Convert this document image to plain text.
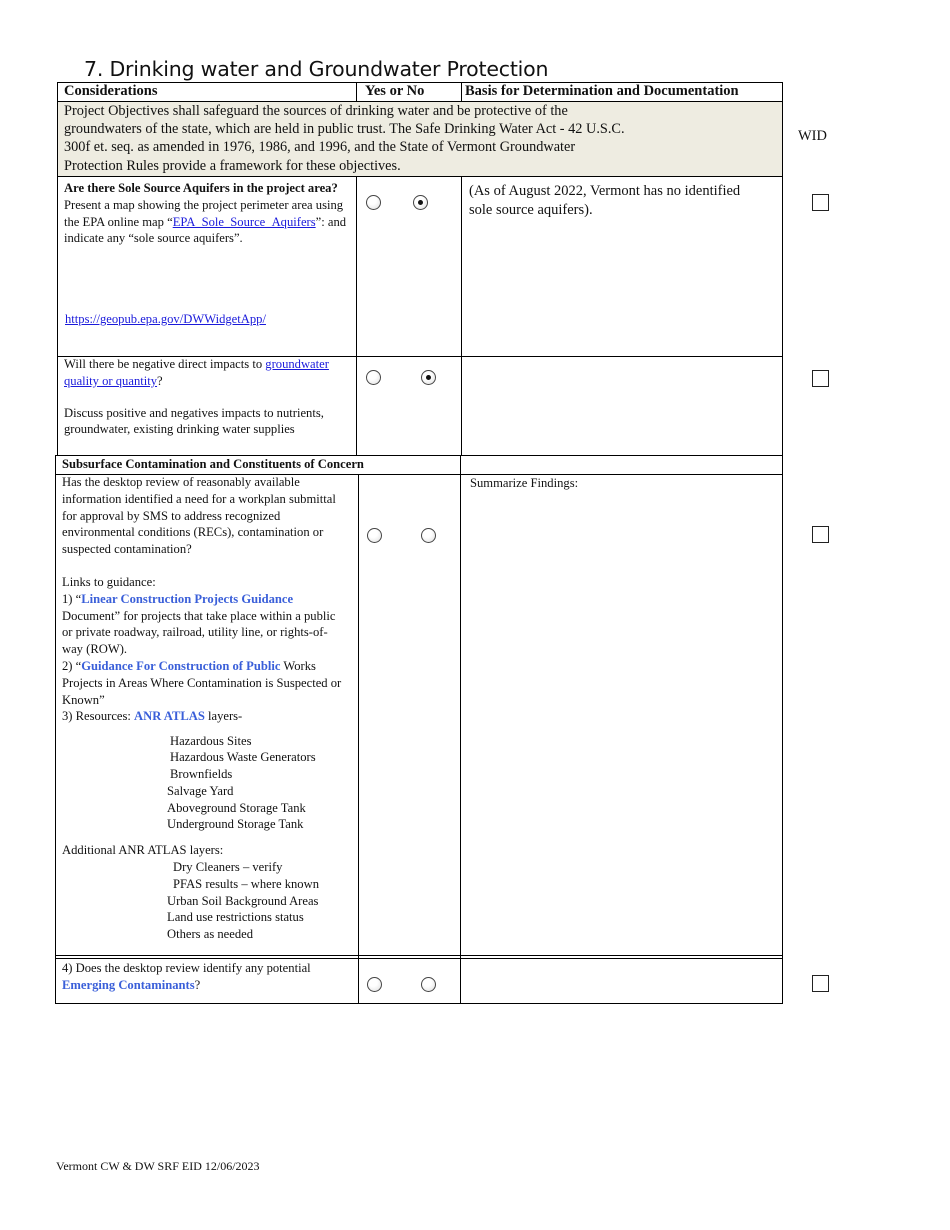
7. Drinking water and Groundwater Protection
Considerations	Yes or No	Basis for Determination and Documentation
WID
Project Objectives shall safeguard the sources of drinking water and be protective of the
groundwaters of the state, which are held in public trust. The Safe Drinking Water Act - 42 U.S.C.
300f et. seq. as amended in 1976, 1986, and 1996, and the State of Vermont Groundwater
Protection Rules provide a framework for these objectives.
Are there Sole Source Aquifers in the project area?
Present a map showing the project perimeter area using the EPA online map “EPA_Sole_Source_Aquifers”: and indicate any “sole source aquifers”.
https://geopub.epa.gov/DWWidgetApp/
(As of August 2022, Vermont has no identified sole source aquifers).
Will there be negative direct impacts to groundwater quality or quantity?
Discuss positive and negatives impacts to nutrients, groundwater, existing drinking water supplies
Subsurface Contamination and Constituents of Concern
Has the desktop review of reasonably available information identified a need for a workplan submittal for approval by SMS to address recognized environmental conditions (RECs), contamination or suspected contamination?
Links to guidance:
1) “Linear Construction Projects Guidance Document” for projects that take place within a public or private roadway, railroad, utility line, or rights-of-way (ROW).
2) “Guidance For Construction of Public Works Projects in Areas Where Contamination is Suspected or Known”
3) Resources: ANR ATLAS layers-
Hazardous Sites
Hazardous Waste Generators
Brownfields
Salvage Yard
Aboveground Storage Tank
Underground Storage Tank
Additional ANR ATLAS layers:
Dry Cleaners – verify
PFAS results – where known
Urban Soil Background Areas
Land use restrictions status
Others as needed
Summarize Findings:
4) Does the desktop review identify any potential Emerging Contaminants?
Vermont CW & DW SRF EID 12/06/2023
